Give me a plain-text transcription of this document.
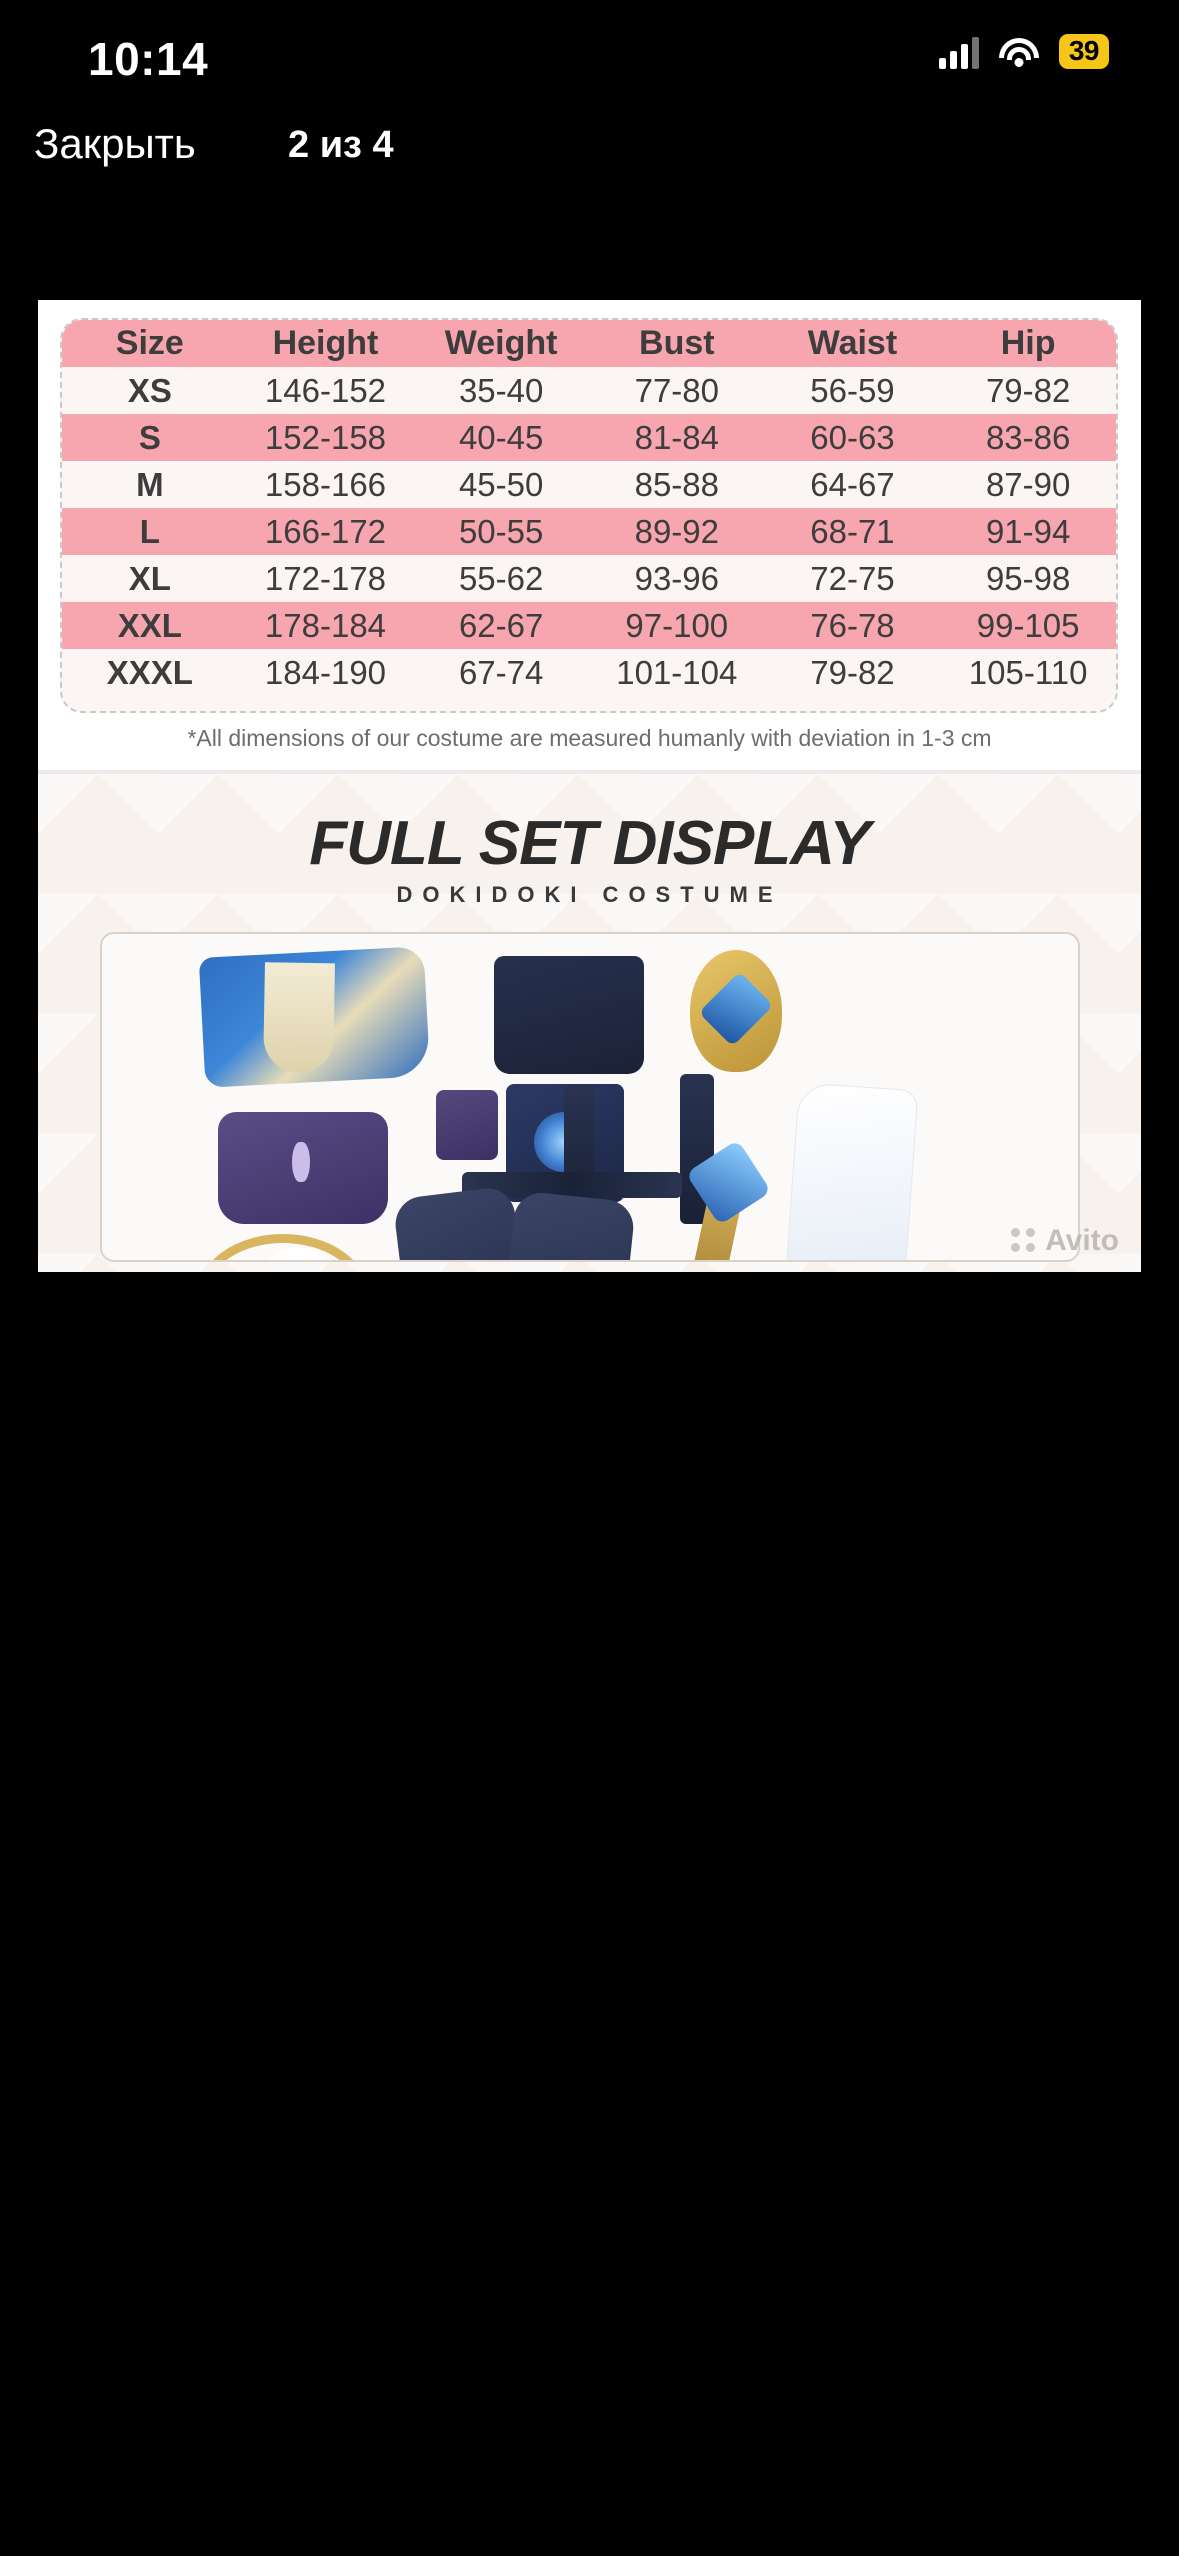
10:14	39
Закрыть 2 из 4
Size	Height	Weight	Bust	Waist	Hip
XS	146-152	35-40	77-80	56-59	79-82
S	152-158	40-45	81-84	60-63	83-86
M	158-166	45-50	85-88	64-67	87-90
L	166-172	50-55	89-92	68-71	91-94
XL	172-178	55-62	93-96	72-75	95-98
XXL	178-184	62-67	97-100	76-78	99-105
XXXL	184-190	67-74	101-104	79-82	105-110
*All dimensions of our costume are measured humanly with deviation in 1-3 cm
FULL SET DISPLAY
DOKIDOKI COSTUME
Avito
